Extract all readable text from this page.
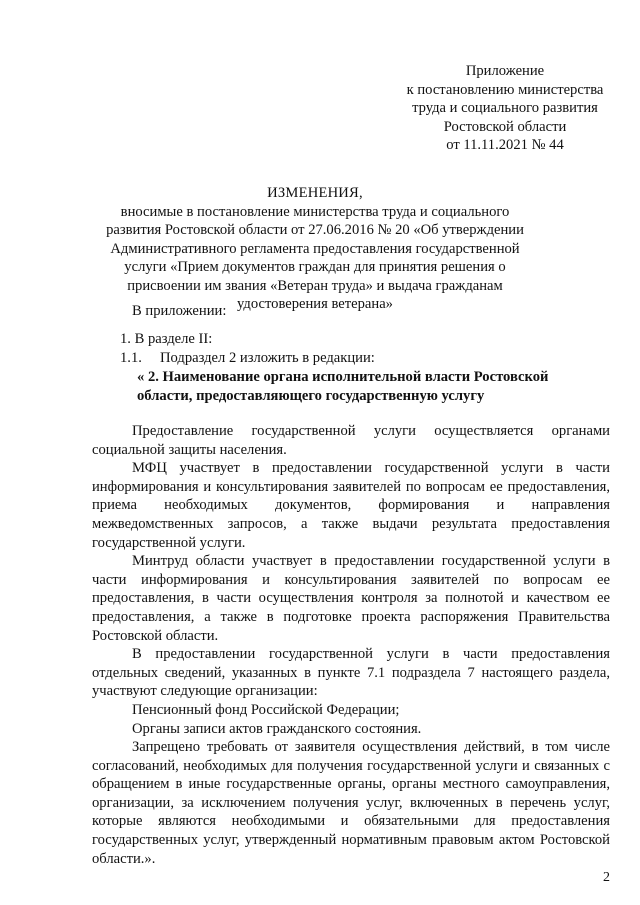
Приложение
к постановлению министерства
труда и социального развития
Ростовской области
от 11.11.2021 № 44
ИЗМЕНЕНИЯ,
вносимые в постановление министерства труда и социального развития Ростовской области от 27.06.2016 № 20 «Об утверждении Административного регламента предоставления государственной услуги «Прием документов граждан для принятия решения о присвоении им звания «Ветеран труда» и выдача гражданам удостоверения ветерана»
В приложении:
1. В разделе II:
1.1. Подраздел 2 изложить в редакции:
« 2. Наименование органа исполнительной власти Ростовской области, предоставляющего государственную услугу

Предоставление государственной услуги осуществляется органами социальной защиты населения.

МФЦ участвует в предоставлении государственной услуги в части информирования и консультирования заявителей по вопросам ее предоставления, приема необходимых документов, формирования и направления межведомственных запросов, а также выдачи результата предоставления государственной услуги.

Минтруд области участвует в предоставлении государственной услуги в части информирования и консультирования заявителей по вопросам ее предоставления, в части осуществления контроля за полнотой и качеством ее предоставления, а также в подготовке проекта распоряжения Правительства Ростовской области.

В предоставлении государственной услуги в части предоставления отдельных сведений, указанных в пункте 7.1 подраздела 7 настоящего раздела, участвуют следующие организации:

Пенсионный фонд Российской Федерации;

Органы записи актов гражданского состояния.

Запрещено требовать от заявителя осуществления действий, в том числе согласований, необходимых для получения государственной услуги и связанных с обращением в иные государственные органы, органы местного самоуправления, организации, за исключением получения услуг, включенных в перечень услуг, которые являются необходимыми и обязательными для предоставления государственных услуг, утвержденный нормативным правовым актом Ростовской области.».

2
